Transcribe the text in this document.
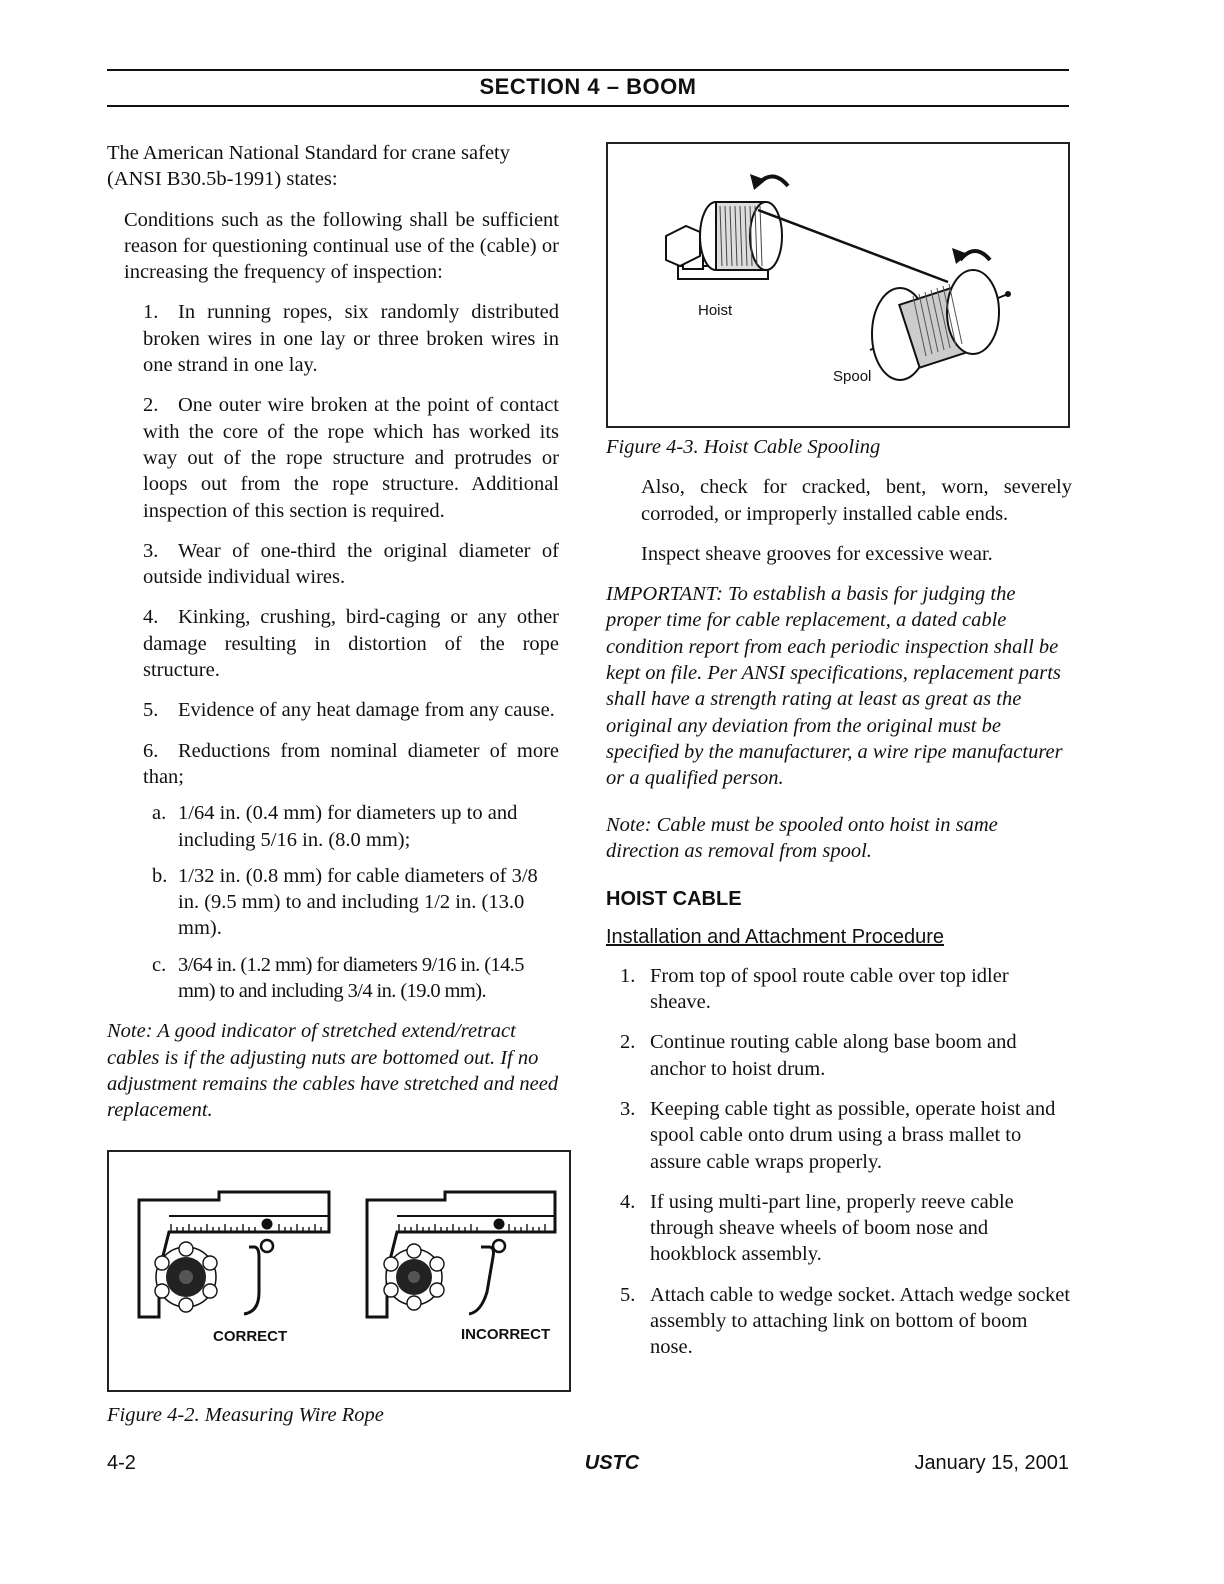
SECTION 4 – BOOM

The American National Standard for crane safety (ANSI B30.5b-1991) states:

Conditions such as the following shall be sufficient reason for questioning continual use of the (cable) or increasing the frequency of inspection:

1. In running ropes, six randomly distributed broken wires in one lay or three broken wires in one strand in one lay.

2. One outer wire broken at the point of contact with the core of the rope which has worked its way out of the rope structure and protrudes or loops out from the rope structure. Additional inspection of this section is required.

3. Wear of one-third the original diameter of outside individual wires.

4. Kinking, crushing, bird-caging or any other damage resulting in distortion of the rope structure.

5. Evidence of any heat damage from any cause.

6. Reductions from nominal diameter of more than;

a. 1/64 in. (0.4 mm) for diameters up to and including 5/16 in. (8.0 mm);
b. 1/32 in. (0.8 mm) for cable diameters of 3/8 in. (9.5 mm) to and including 1/2 in. (13.0 mm).
c. 3/64 in. (1.2 mm) for diameters 9/16 in. (14.5 mm) to and including 3/4 in. (19.0 mm).

Note: A good indicator of stretched extend/retract cables is if the adjusting nuts are bottomed out. If no adjustment remains the cables have stretched and need replacement.

CORRECT	INCORRECT
Figure 4-2. Measuring Wire Rope
Hoist
Spool
Figure 4-3. Hoist Cable Spooling

Also, check for cracked, bent, worn, severely corroded, or improperly installed cable ends.

Inspect sheave grooves for excessive wear.

IMPORTANT: To establish a basis for judging the proper time for cable replacement, a dated cable condition report from each periodic inspection shall be kept on file. Per ANSI specifications, replacement parts shall have a strength rating at least as great as the original any deviation from the original must be specified by the manufacturer, a wire ripe manufacturer or a qualified person.

Note: Cable must be spooled onto hoist in same direction as removal from spool.

HOIST CABLE
Installation and Attachment Procedure
1. From top of spool route cable over top idler sheave.
2. Continue routing cable along base boom and anchor to hoist drum.
3. Keeping cable tight as possible, operate hoist and spool cable onto drum using a brass mallet to assure cable wraps properly.
4. If using multi-part line, properly reeve cable through sheave wheels of boom nose and hookblock assembly.
5. Attach cable to wedge socket. Attach wedge socket assembly to attaching link on bottom of boom nose.
4-2	USTC	January 15, 2001
